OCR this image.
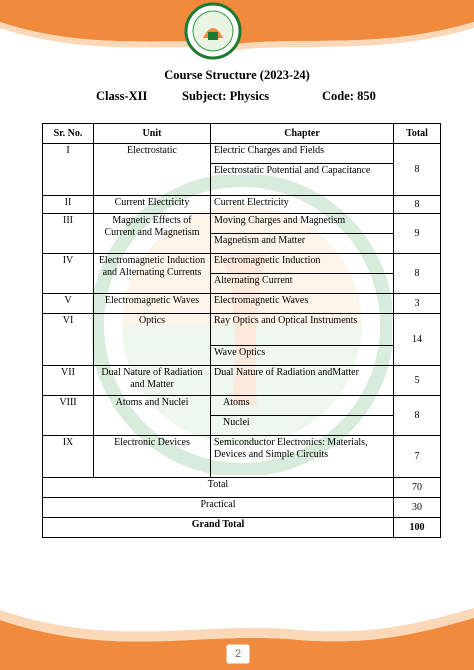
Course Structure (2023-24)
Class-XII	Subject: Physics	Code: 850
Sr. No.	Unit	Chapter	Total
I	Electrostatic	Electric Charges and Fields	8
		Electrostatic Potential and Capacitance	
II	Current Electricity	Current Electricity	8
III	Magnetic Effects of Current and Magnetism	Moving Charges and Magnetism	9
		Magnetism and Matter	
IV	Electromagnetic Induction and Alternating Currents	Electromagnetic Induction	8
		Alternating Current	
V	Electromagnetic Waves	Electromagnetic Waves	3
VI	Optics	Ray Optics and Optical Instruments	14
		Wave Optics	
VII	Dual Nature of Radiation and Matter	Dual Nature of Radiation andMatter	5
VIII	Atoms and Nuclei	Atoms	8
		Nuclei	
IX	Electronic Devices	Semiconductor Electronics: Materials, Devices and Simple Circuits	7
Total			70
Practical			30
Grand Total			100
2
